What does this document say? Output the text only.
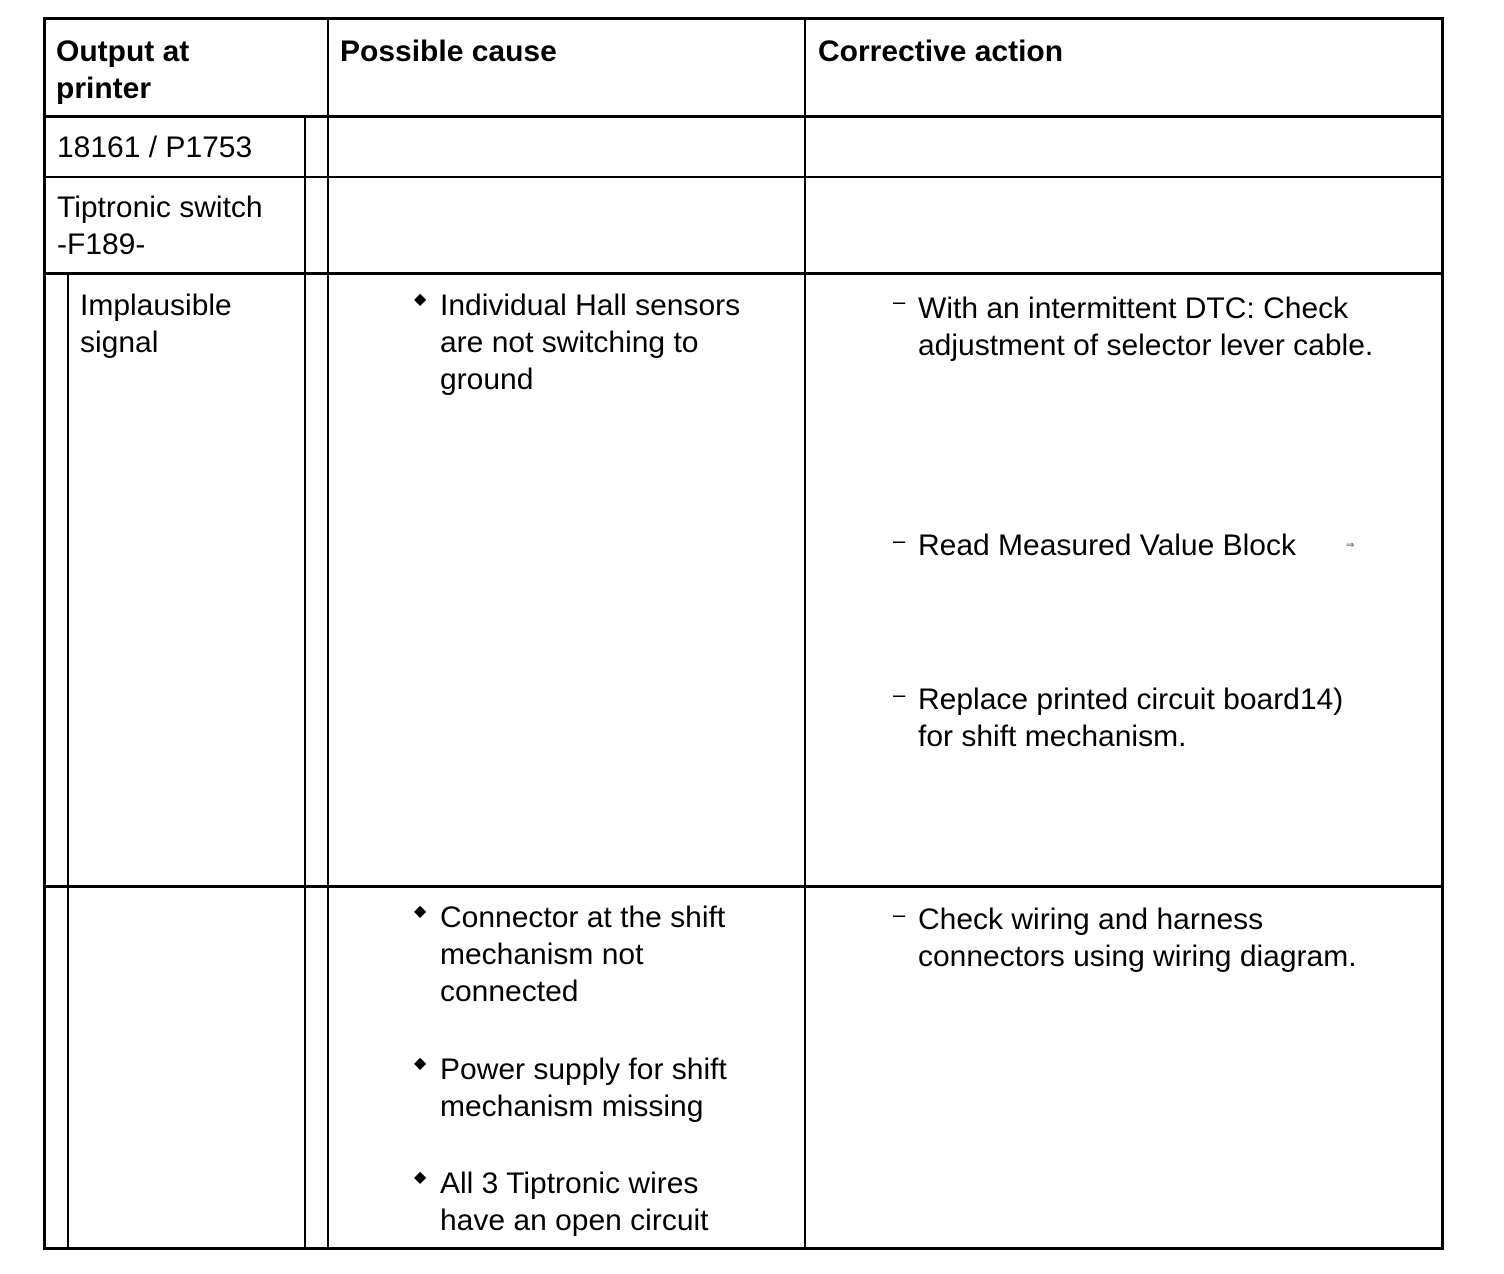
Output at
printer
Possible cause	Corrective action
18161 / P1753
Tiptronic switch
-F189-
Implausible
signal
◆ Individual Hall sensors
are not switching to
ground
– With an intermittent DTC: Check
adjustment of selector lever cable.
– Read Measured Value Block	⇒
– Replace printed circuit board14)
for shift mechanism.
◆ Connector at the shift
mechanism not
connected
◆ Power supply for shift
mechanism missing
◆ All 3 Tiptronic wires
have an open circuit
– Check wiring and harness
connectors using wiring diagram.
